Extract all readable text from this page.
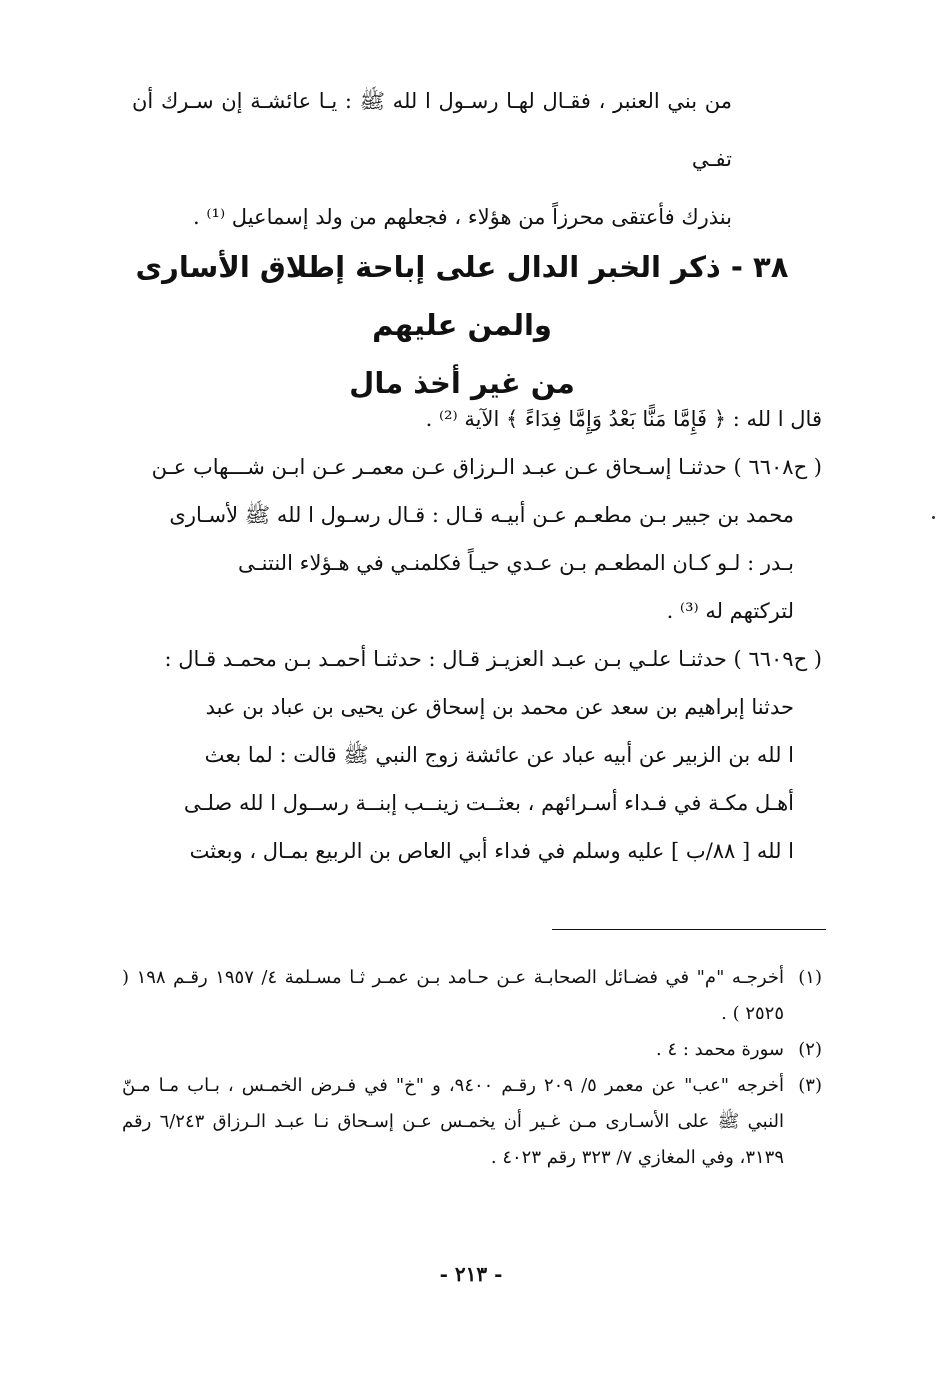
من بني العنبر ، فقـال لهـا رسـول ا لله ﷺ : يـا عائشـة إن سـرك أن تفـي
بنذرك فأعتقى محرزاً من هؤلاء ، فجعلهم من ولد إسماعيل ⁽¹⁾ .
٣٨ - ذكر الخبر الدال على إباحة إطلاق الأسارى والمن عليهم
من غير أخذ مال
قال ا لله : ﴿ فَإِمَّا مَنًّا بَعْدُ وَإِمَّا فِدَاءً ﴾ الآية ⁽²⁾ .
( ح٦٦٠٨ ) حدثنـا إسـحاق عـن عبـد الـرزاق عـن معمـر عـن ابـن شـــهاب عـن
محمد بن جبير بـن مطعـم عـن أبيـه قـال : قـال رسـول ا لله ﷺ لأسـارى
بـدر : لـو كـان المطعـم بـن عـدي حيـاً فكلمنـي في هـؤلاء النتنـى
لتركتهم له ⁽³⁾ .
( ح٦٦٠٩ ) حدثنـا علـي بـن عبـد العزيـز قـال : حدثنـا أحمـد بـن محمـد قـال :
حدثنا إبراهيم بن سعد عن محمد بن إسحاق عن يحيى بن عباد بن عبد
ا لله بن الزبير عن أبيه عباد عن عائشة زوج النبي ﷺ قالت : لما بعث
أهـل مكـة في فـداء أسـرائهم ، بعثــت زينــب إبنــة رســول ا لله صلـى
ا لله [ ٨٨/ب ] عليه وسلم في فداء أبي العاص بن الربيع بمـال ، وبعثت
(١)
أخرجـه "م" في فضـائل الصحابـة عـن حـامد بـن عمـر ثـا مسـلمة ٤/ ١٩٥٧ رقـم ١٩٨ ( ٢٥٢٥ ) .
(٢)
سورة محمد : ٤ .
(٣)
أخرجه "عب" عن معمر ٥/ ٢٠٩ رقـم ٩٤٠٠، و "خ" في فـرض الخمـس ، بـاب مـا مـنّ النبي ﷺ على الأسـارى مـن غـير أن يخمـس عـن إسـحاق نـا عبـد الـرزاق ٦/٢٤٣ رقم ٣١٣٩، وفي المغازي ٧/ ٣٢٣ رقم ٤٠٢٣ .
- ٢١٣ -
